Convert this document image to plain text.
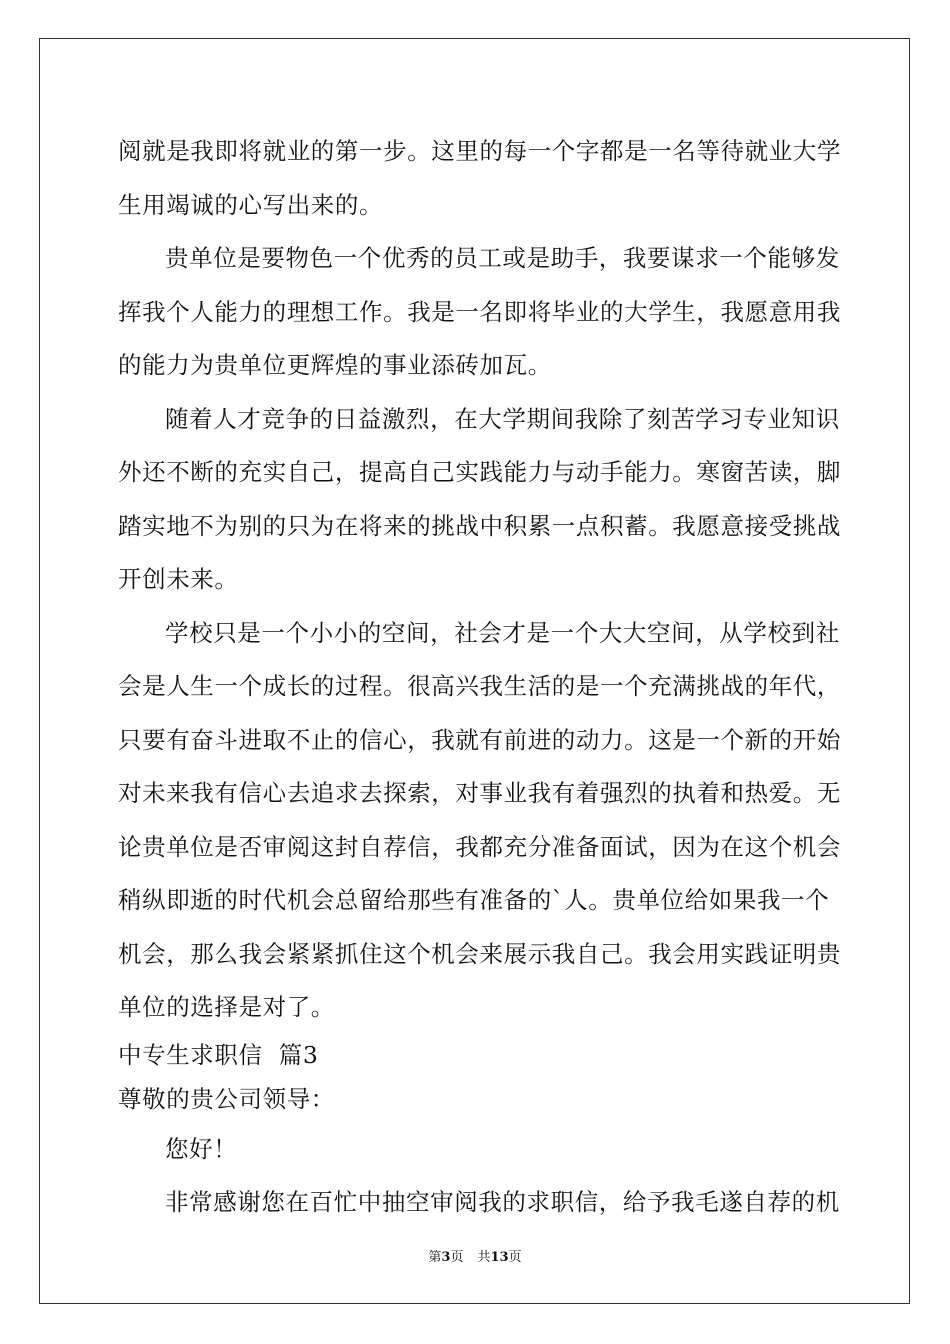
阅就是我即将就业的第一步。这里的每一个字都是一名等待就业大学
生用竭诚的心写出来的。
贵单位是要物色一个优秀的员工或是助手，我要谋求一个能够发
挥我个人能力的理想工作。我是一名即将毕业的大学生，我愿意用我
的能力为贵单位更辉煌的事业添砖加瓦。
随着人才竞争的日益激烈，在大学期间我除了刻苦学习专业知识
外还不断的充实自己，提高自己实践能力与动手能力。寒窗苦读，脚
踏实地不为别的只为在将来的挑战中积累一点积蓄。我愿意接受挑战
开创未来。
学校只是一个小小的空间，社会才是一个大大空间，从学校到社
会是人生一个成长的过程。很高兴我生活的是一个充满挑战的年代，
只要有奋斗进取不止的信心，我就有前进的动力。这是一个新的开始
对未来我有信心去追求去探索，对事业我有着强烈的执着和热爱。无
论贵单位是否审阅这封自荐信，我都充分准备面试，因为在这个机会
稍纵即逝的时代机会总留给那些有准备的`人。贵单位给如果我一个
机会，那么我会紧紧抓住这个机会来展示我自己。我会用实践证明贵
单位的选择是对了。
中专生求职信  篇3
尊敬的贵公司领导：
您好！
非常感谢您在百忙中抽空审阅我的求职信，给予我毛遂自荐的机
第3页 共13页
